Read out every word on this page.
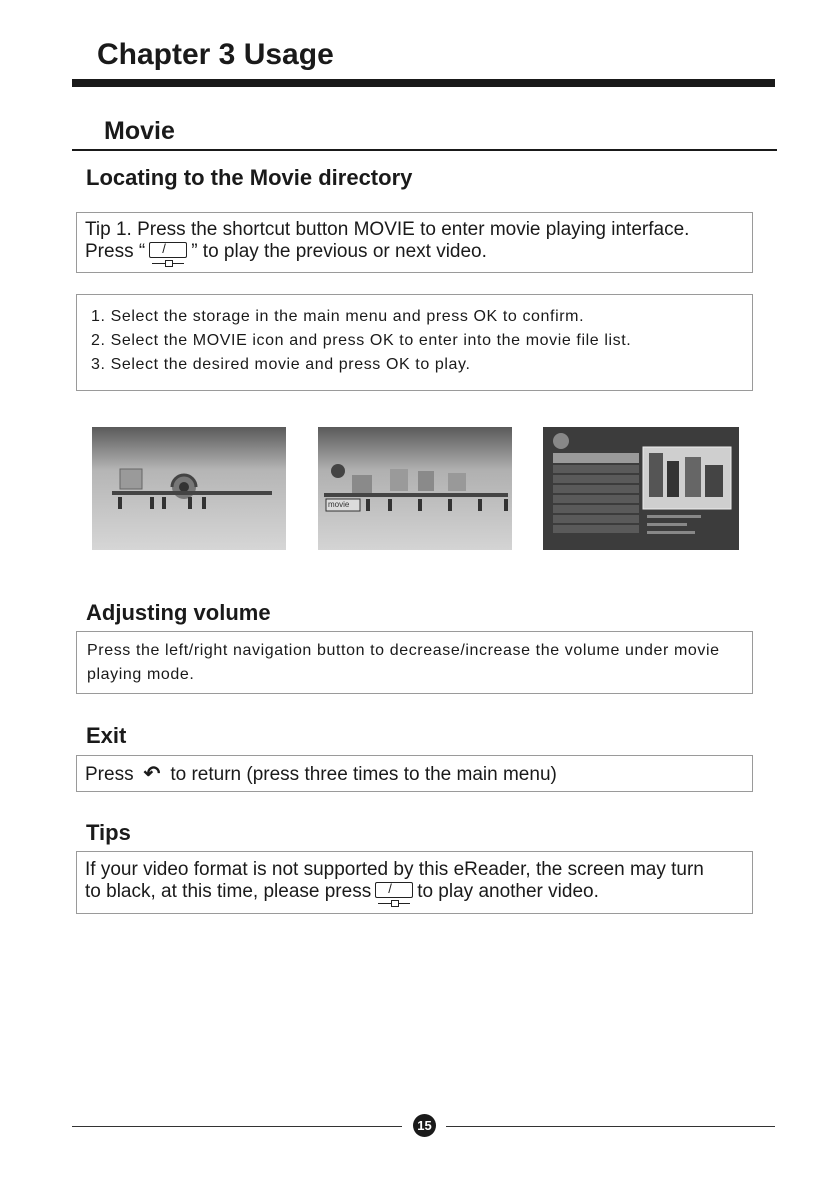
Chapter 3 Usage
Movie
Locating to the Movie directory
Tip 1. Press the shortcut button MOVIE to enter movie playing interface.
Press “ / ” to play the previous or next video.
1. Select the storage in the main menu and press OK to confirm.
2. Select the MOVIE icon and press OK to enter into the movie file list.
3. Select the desired movie and press OK to play.
movie
Adjusting volume
Press the left/right navigation button to decrease/increase the volume under movie playing mode.
Exit
Press ↶ to return (press three times to the main menu)
Tips
If your video format is not supported by this eReader, the screen may turn
to black, at this time, please press / to play another video.
15
